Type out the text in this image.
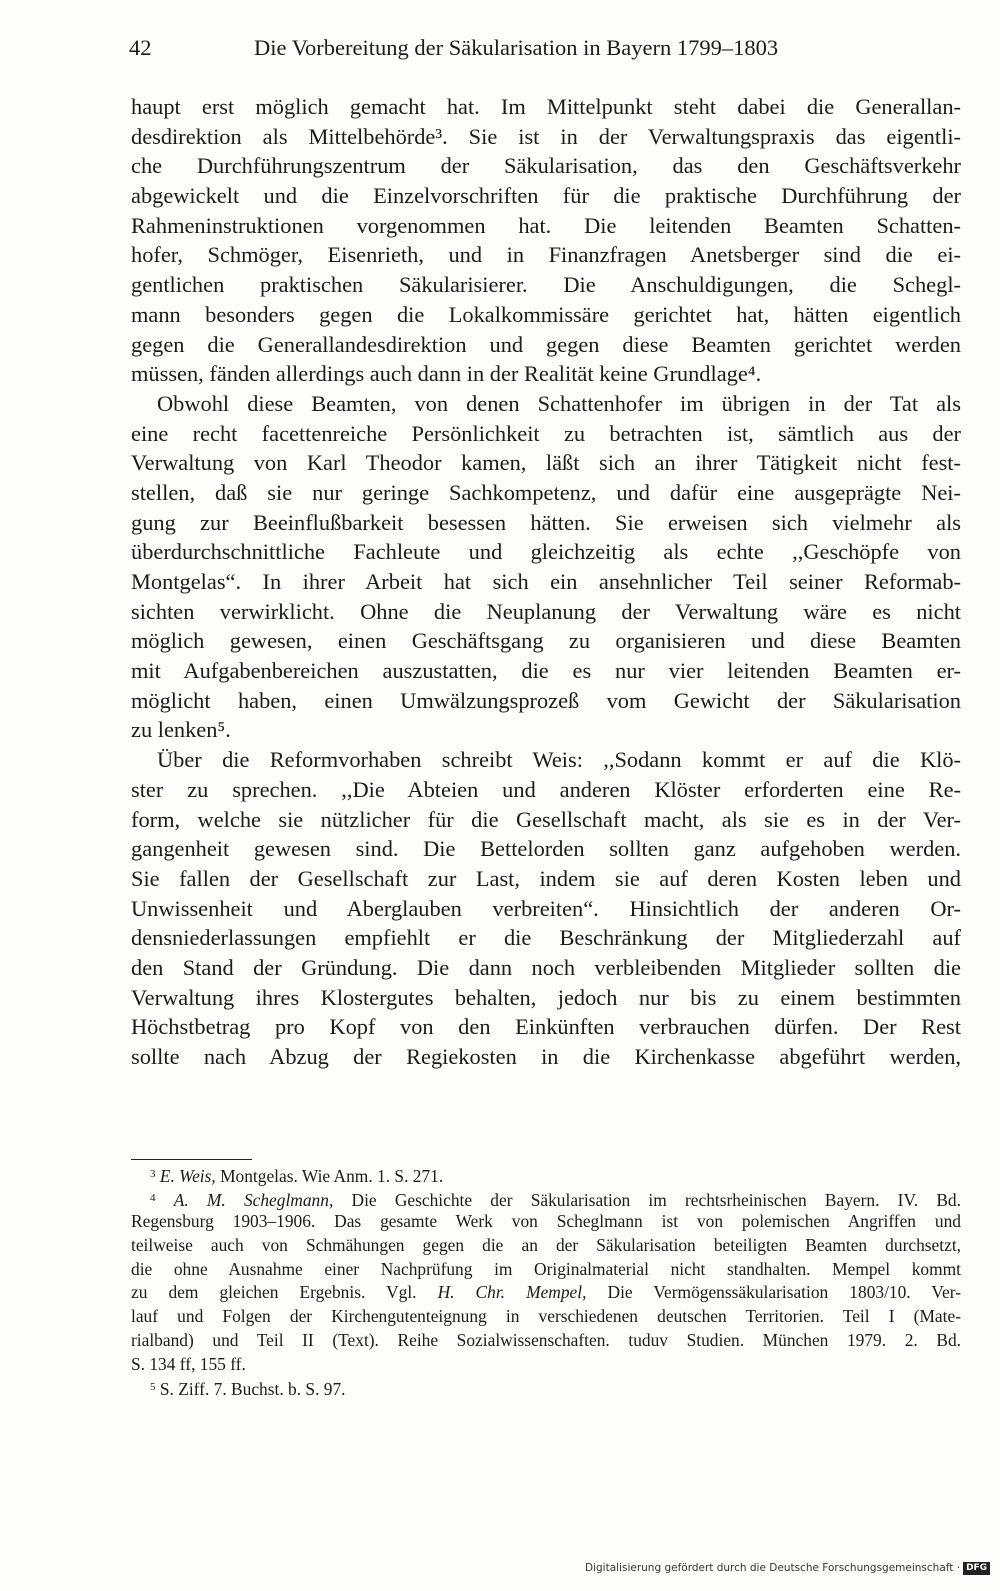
42	Die Vorbereitung der Säkularisation in Bayern 1799–1803
haupt erst möglich gemacht hat. Im Mittelpunkt steht dabei die Generallan-
desdirektion als Mittelbehörde³. Sie ist in der Verwaltungspraxis das eigentli-
che Durchführungszentrum der Säkularisation, das den Geschäftsverkehr
abgewickelt und die Einzelvorschriften für die praktische Durchführung der
Rahmeninstruktionen vorgenommen hat. Die leitenden Beamten Schatten-
hofer, Schmöger, Eisenrieth, und in Finanzfragen Anetsberger sind die ei-
gentlichen praktischen Säkularisierer. Die Anschuldigungen, die Schegl-
mann besonders gegen die Lokalkommissäre gerichtet hat, hätten eigentlich
gegen die Generallandesdirektion und gegen diese Beamten gerichtet werden
müssen, fänden allerdings auch dann in der Realität keine Grundlage⁴.
Obwohl diese Beamten, von denen Schattenhofer im übrigen in der Tat als
eine recht facettenreiche Persönlichkeit zu betrachten ist, sämtlich aus der
Verwaltung von Karl Theodor kamen, läßt sich an ihrer Tätigkeit nicht fest-
stellen, daß sie nur geringe Sachkompetenz, und dafür eine ausgeprägte Nei-
gung zur Beeinflußbarkeit besessen hätten. Sie erweisen sich vielmehr als
überdurchschnittliche Fachleute und gleichzeitig als echte ,,Geschöpfe von
Montgelas“. In ihrer Arbeit hat sich ein ansehnlicher Teil seiner Reformab-
sichten verwirklicht. Ohne die Neuplanung der Verwaltung wäre es nicht
möglich gewesen, einen Geschäftsgang zu organisieren und diese Beamten
mit Aufgabenbereichen auszustatten, die es nur vier leitenden Beamten er-
möglicht haben, einen Umwälzungsprozeß vom Gewicht der Säkularisation
zu lenken⁵.
Über die Reformvorhaben schreibt Weis: ,,Sodann kommt er auf die Klö-
ster zu sprechen. ,,Die Abteien und anderen Klöster erforderten eine Re-
form, welche sie nützlicher für die Gesellschaft macht, als sie es in der Ver-
gangenheit gewesen sind. Die Bettelorden sollten ganz aufgehoben werden.
Sie fallen der Gesellschaft zur Last, indem sie auf deren Kosten leben und
Unwissenheit und Aberglauben verbreiten“. Hinsichtlich der anderen Or-
densniederlassungen empfiehlt er die Beschränkung der Mitgliederzahl auf
den Stand der Gründung. Die dann noch verbleibenden Mitglieder sollten die
Verwaltung ihres Klostergutes behalten, jedoch nur bis zu einem bestimmten
Höchstbetrag pro Kopf von den Einkünften verbrauchen dürfen. Der Rest
sollte nach Abzug der Regiekosten in die Kirchenkasse abgeführt werden,
$^3$ E. Weis, Montgelas. Wie Anm. 1. S. 271.
$^4$ A. M. Scheglmann, Die Geschichte der Säkularisation im rechtsrheinischen Bayern. IV. Bd.
Regensburg 1903–1906. Das gesamte Werk von Scheglmann ist von polemischen Angriffen und
teilweise auch von Schmähungen gegen die an der Säkularisation beteiligten Beamten durchsetzt,
die ohne Ausnahme einer Nachprüfung im Originalmaterial nicht standhalten. Mempel kommt
zu dem gleichen Ergebnis. Vgl. H. Chr. Mempel, Die Vermögenssäkularisation 1803/10. Ver-
lauf und Folgen der Kirchengutenteignung in verschiedenen deutschen Territorien. Teil I (Mate-
rialband) und Teil II (Text). Reihe Sozialwissenschaften. tuduv Studien. München 1979. 2. Bd.
S. 134 ff, 155 ff.
$^5$ S. Ziff. 7. Buchst. b. S. 97.
Digitalisierung gefördert durch die Deutsche Forschungsgemeinschaft · DFG
